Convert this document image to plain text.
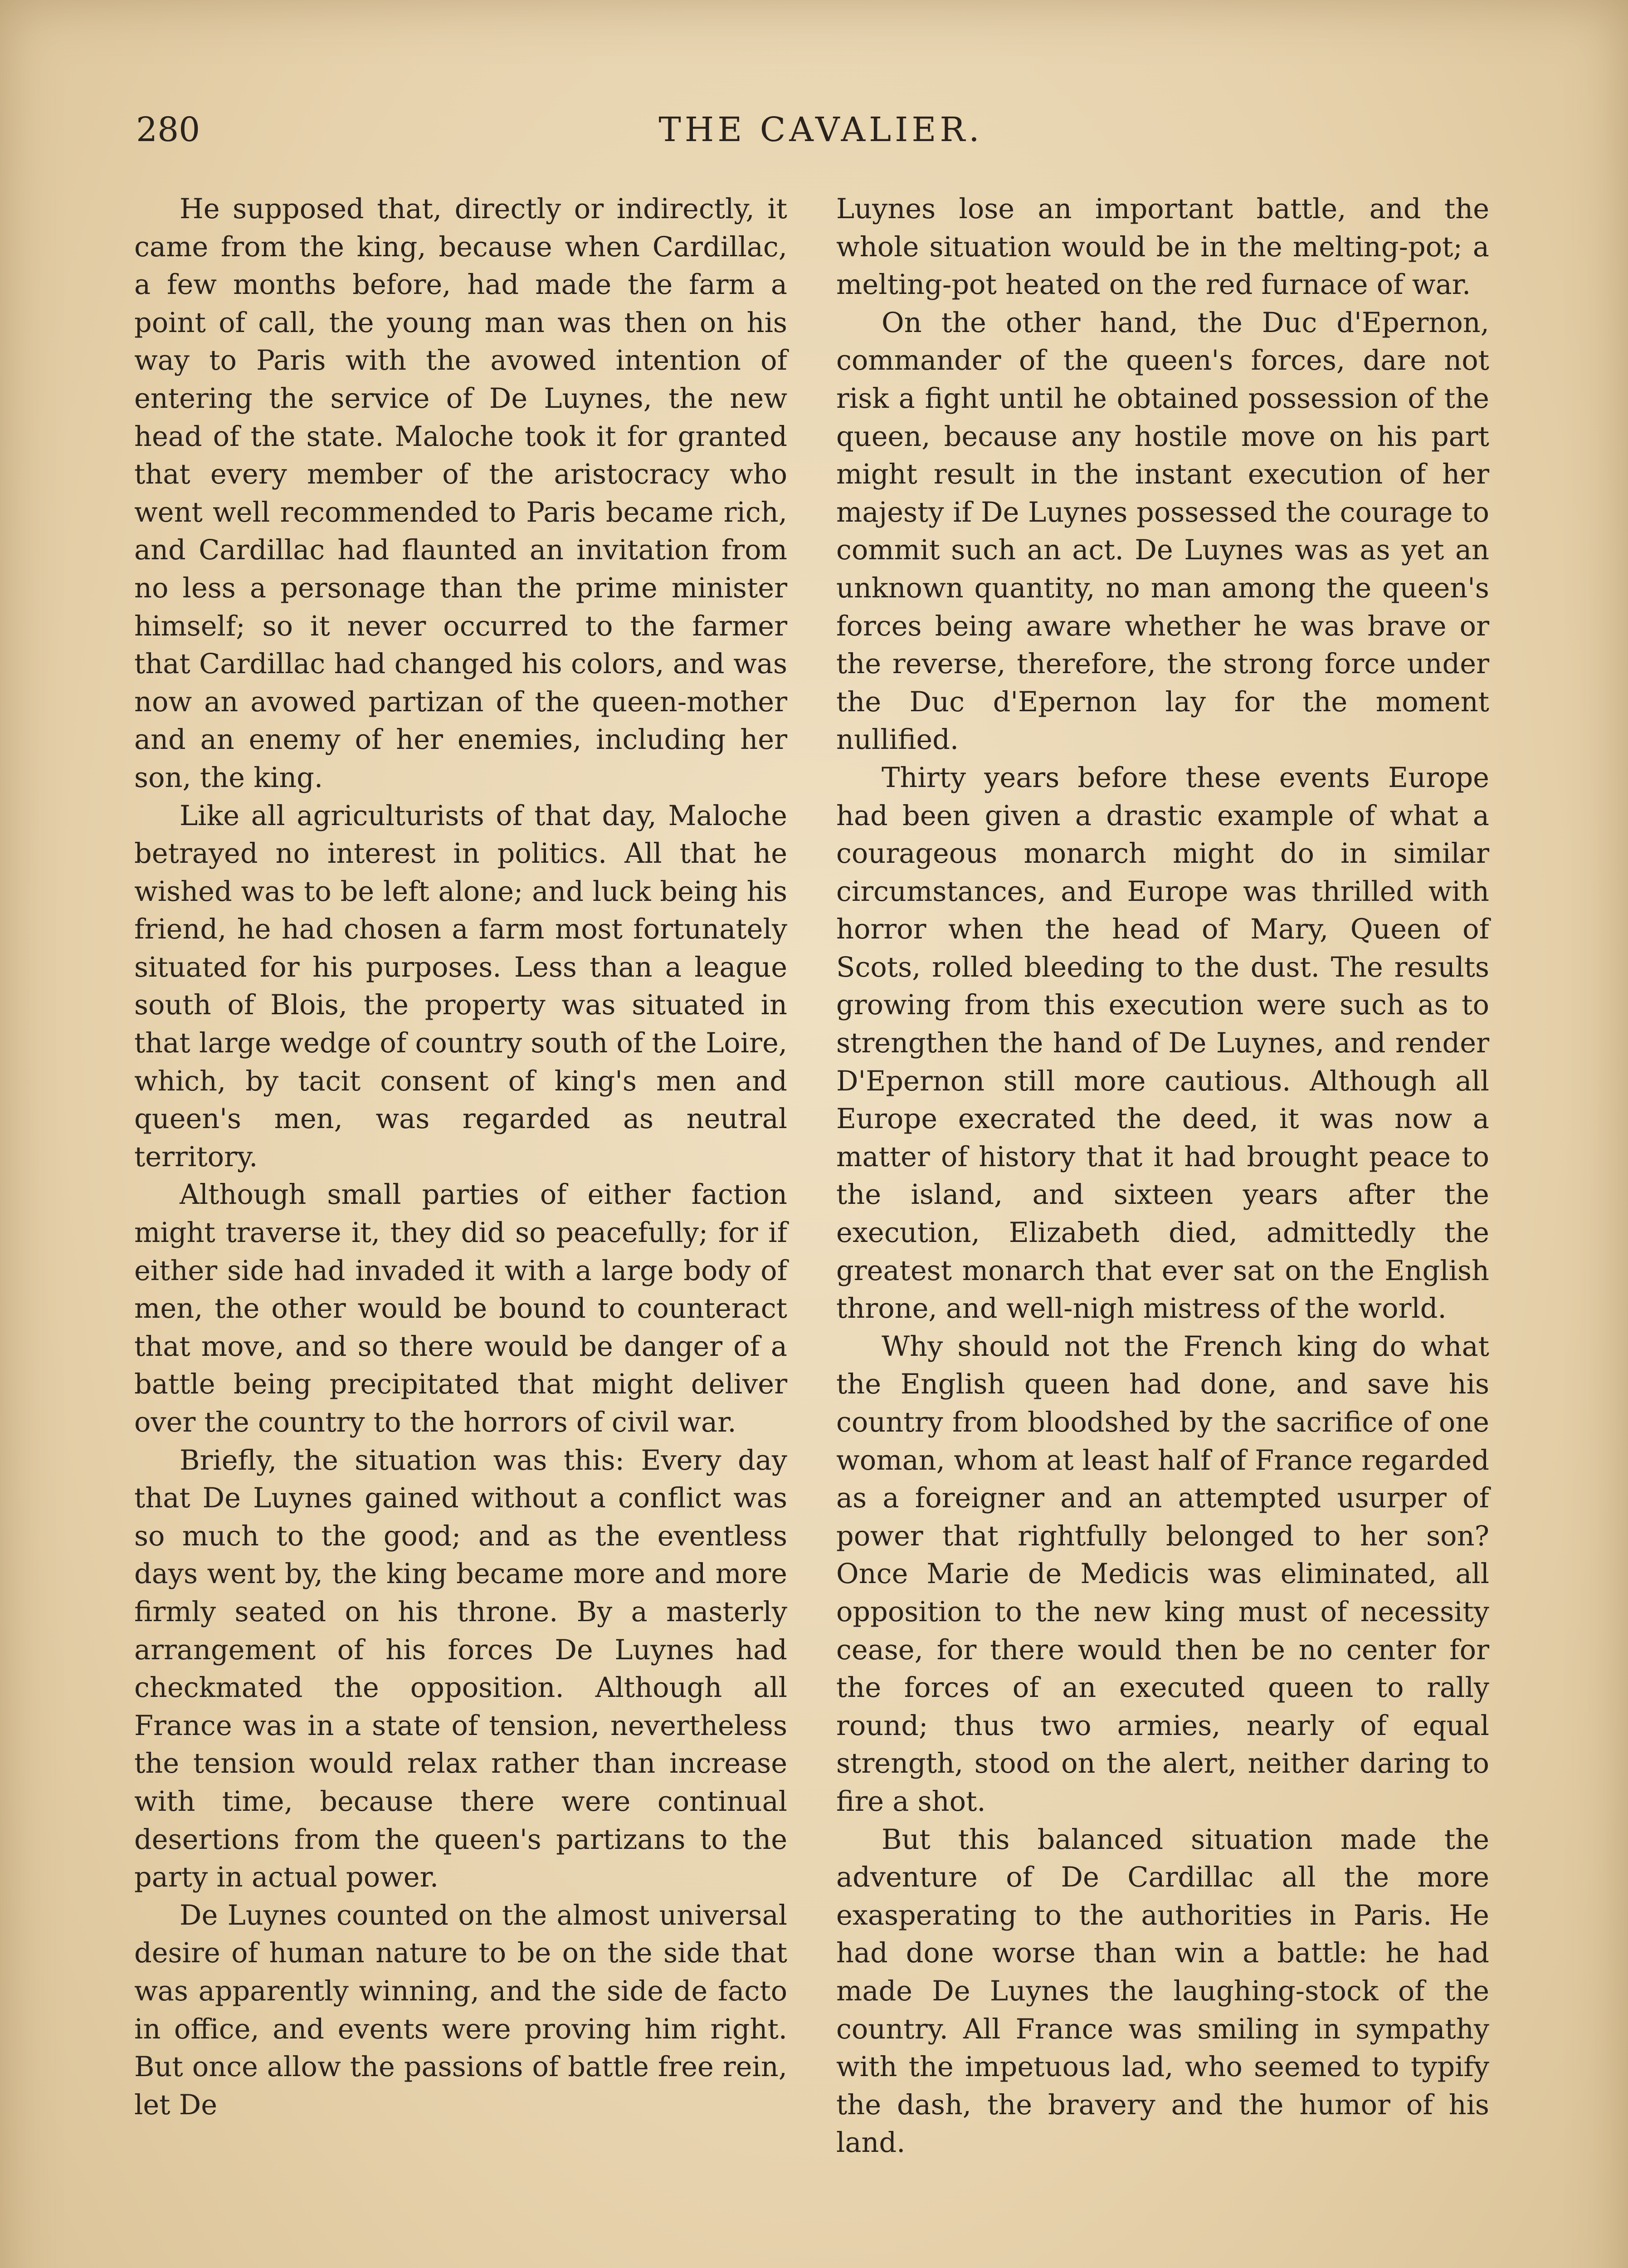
280	THE CAVALIER.

He supposed that, directly or indirectly, it came from the king, because when Cardillac, a few months before, had made the farm a point of call, the young man was then on his way to Paris with the avowed intention of entering the service of De Luynes, the new head of the state. Maloche took it for granted that every member of the aristocracy who went well recommended to Paris became rich, and Cardillac had flaunted an invitation from no less a personage than the prime minister himself; so it never occurred to the farmer that Cardillac had changed his colors, and was now an avowed partizan of the queen-mother and an enemy of her enemies, including her son, the king.

Like all agriculturists of that day, Maloche betrayed no interest in politics. All that he wished was to be left alone; and luck being his friend, he had chosen a farm most fortunately situated for his purposes. Less than a league south of Blois, the property was situated in that large wedge of country south of the Loire, which, by tacit consent of king's men and queen's men, was regarded as neutral territory.

Although small parties of either faction might traverse it, they did so peacefully; for if either side had invaded it with a large body of men, the other would be bound to counteract that move, and so there would be danger of a battle being precipitated that might deliver over the country to the horrors of civil war.

Briefly, the situation was this: Every day that De Luynes gained without a conflict was so much to the good; and as the eventless days went by, the king became more and more firmly seated on his throne. By a masterly arrangement of his forces De Luynes had checkmated the opposition. Although all France was in a state of tension, nevertheless the tension would relax rather than increase with time, because there were continual desertions from the queen's partizans to the party in actual power.

De Luynes counted on the almost universal desire of human nature to be on the side that was apparently winning, and the side de facto in office, and events were proving him right. But once allow the passions of battle free rein, let De

Luynes lose an important battle, and the whole situation would be in the melting-pot; a melting-pot heated on the red furnace of war.

On the other hand, the Duc d'Epernon, commander of the queen's forces, dare not risk a fight until he obtained possession of the queen, because any hostile move on his part might result in the instant execution of her majesty if De Luynes possessed the courage to commit such an act. De Luynes was as yet an unknown quantity, no man among the queen's forces being aware whether he was brave or the reverse, therefore, the strong force under the Duc d'Epernon lay for the moment nullified.

Thirty years before these events Europe had been given a drastic example of what a courageous monarch might do in similar circumstances, and Europe was thrilled with horror when the head of Mary, Queen of Scots, rolled bleeding to the dust. The results growing from this execution were such as to strengthen the hand of De Luynes, and render D'Epernon still more cautious. Although all Europe execrated the deed, it was now a matter of history that it had brought peace to the island, and sixteen years after the execution, Elizabeth died, admittedly the greatest monarch that ever sat on the English throne, and well-nigh mistress of the world.

Why should not the French king do what the English queen had done, and save his country from bloodshed by the sacrifice of one woman, whom at least half of France regarded as a foreigner and an attempted usurper of power that rightfully belonged to her son? Once Marie de Medicis was eliminated, all opposition to the new king must of necessity cease, for there would then be no center for the forces of an executed queen to rally round; thus two armies, nearly of equal strength, stood on the alert, neither daring to fire a shot.

But this balanced situation made the adventure of De Cardillac all the more exasperating to the authorities in Paris. He had done worse than win a battle: he had made De Luynes the laughing-stock of the country. All France was smiling in sympathy with the impetuous lad, who seemed to typify the dash, the bravery and the humor of his land.
